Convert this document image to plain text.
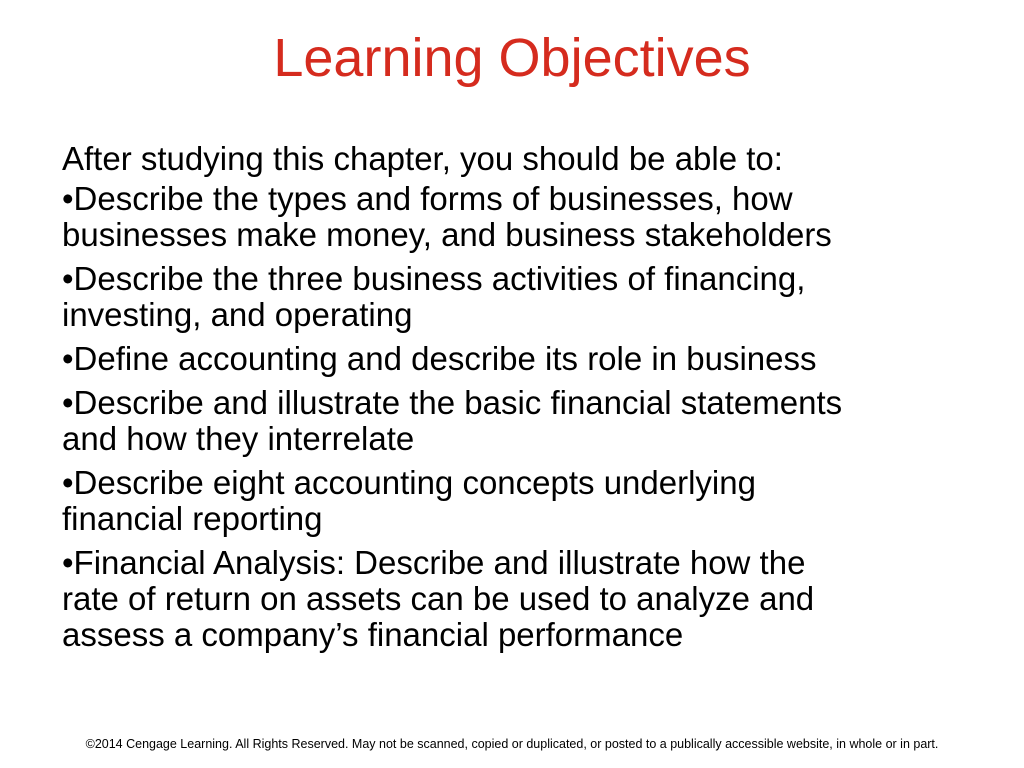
Learning Objectives

After studying this chapter, you should be able to:

•Describe the types and forms of businesses, how
businesses make money, and business stakeholders
•Describe the three business activities of financing,
investing, and operating
•Define accounting and describe its role in business
•Describe and illustrate the basic financial statements
and how they interrelate
•Describe eight accounting concepts underlying
financial reporting
•Financial Analysis: Describe and illustrate how the
rate of return on assets can be used to analyze and
assess a company’s financial performance
©2014 Cengage Learning. All Rights Reserved. May not be scanned, copied or duplicated, or posted to a publically accessible website, in whole or in part.
